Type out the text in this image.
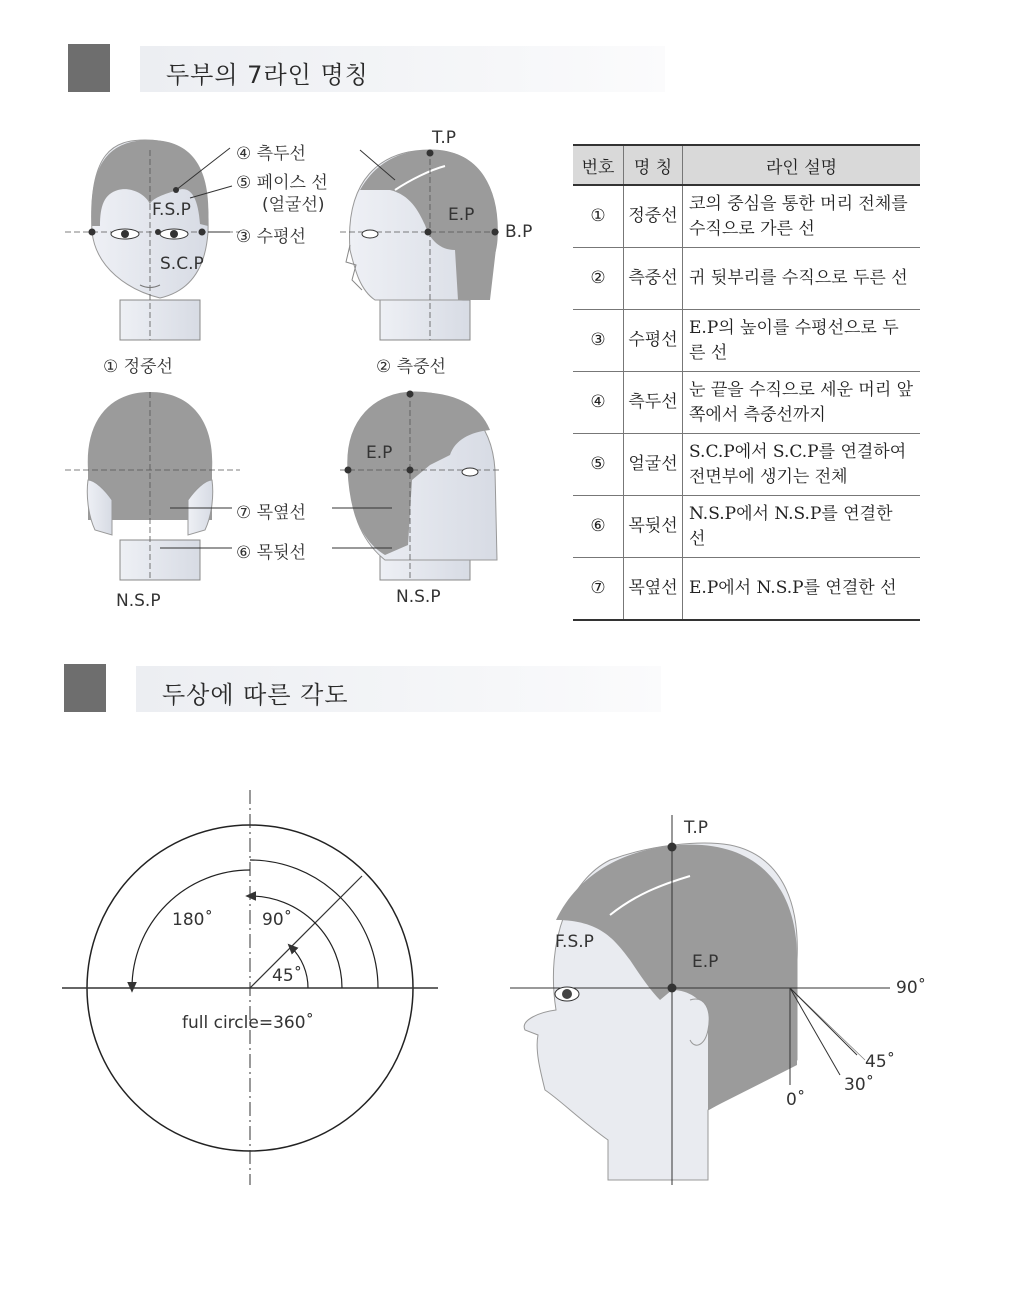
두부의 7라인 명칭
④ 측두선
⑤ 페이스 선
(얼굴선)
③ 수평선
F.S.P
S.C.P
① 정중선
T.P
E.P
B.P
② 측중선
⑦ 목옆선
⑥ 목뒷선
N.S.P
E.P
N.S.P
번호	명 칭	라인 설명
①	정중선	코의 중심을 통한 머리 전체를 수직으로 가른 선
②	측중선	귀 뒷부리를 수직으로 두른 선
③	수평선	E.P의 높이를 수평선으로 두른 선
④	측두선	눈 끝을 수직으로 세운 머리 앞쪽에서 측중선까지
⑤	얼굴선	S.C.P에서 S.C.P를 연결하여 전면부에 생기는 전체
⑥	목뒷선	N.S.P에서 N.S.P를 연결한 선
⑦	목옆선	E.P에서 N.S.P를 연결한 선
두상에 따른 각도
180˚	90˚
45˚
full circle=360˚
T.P
F.S.P
E.P
90˚
45˚
30˚
0˚
